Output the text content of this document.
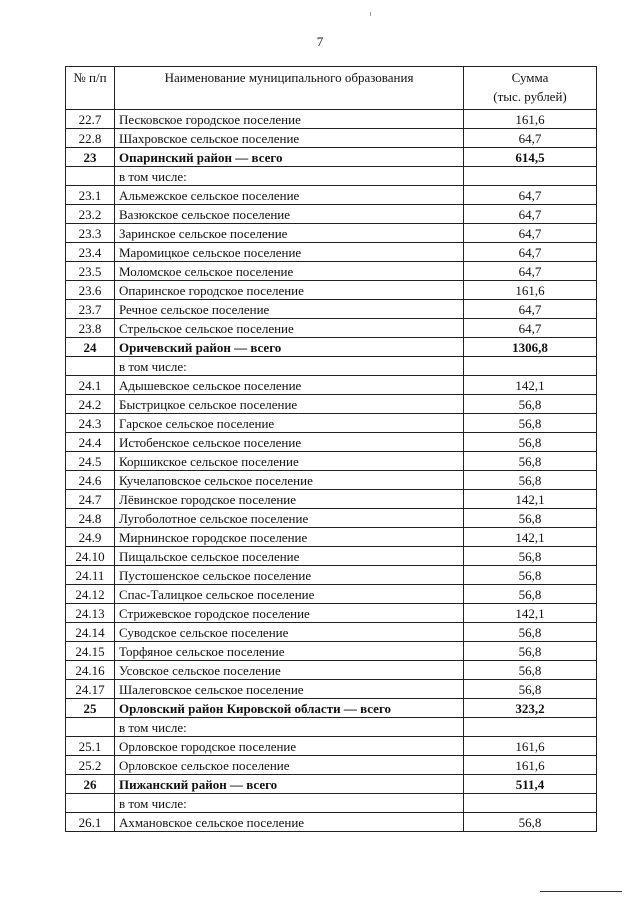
7
№ п/п	Наименование муниципального образования	Сумма
(тыс. рублей)

22.7	Песковское городское поселение	161,6
22.8	Шахровское сельское поселение	64,7
23	Опаринский район — всего	614,5
	в том числе:	
23.1	Альмежское сельское поселение	64,7
23.2	Вазюкское сельское поселение	64,7
23.3	Заринское сельское поселение	64,7
23.4	Маромицкое сельское поселение	64,7
23.5	Моломское сельское поселение	64,7
23.6	Опаринское городское поселение	161,6
23.7	Речное сельское поселение	64,7
23.8	Стрельское сельское поселение	64,7
24	Оричевский район — всего	1306,8
	в том числе:	
24.1	Адышевское сельское поселение	142,1
24.2	Быстрицкое сельское поселение	56,8
24.3	Гарское сельское поселение	56,8
24.4	Истобенское сельское поселение	56,8
24.5	Коршикское сельское поселение	56,8
24.6	Кучелаповское сельское поселение	56,8
24.7	Лёвинское городское поселение	142,1
24.8	Лугоболотное сельское поселение	56,8
24.9	Мирнинское городское поселение	142,1
24.10	Пищальское сельское поселение	56,8
24.11	Пустошенское сельское поселение	56,8
24.12	Спас-Талицкое сельское поселение	56,8
24.13	Стрижевское городское поселение	142,1
24.14	Суводское сельское поселение	56,8
24.15	Торфяное сельское поселение	56,8
24.16	Усовское сельское поселение	56,8
24.17	Шалеговское сельское поселение	56,8
25	Орловский район Кировской области — всего	323,2
	в том числе:	
25.1	Орловское городское поселение	161,6
25.2	Орловское сельское поселение	161,6
26	Пижанский район — всего	511,4
	в том числе:	
26.1	Ахмановское сельское поселение	56,8
